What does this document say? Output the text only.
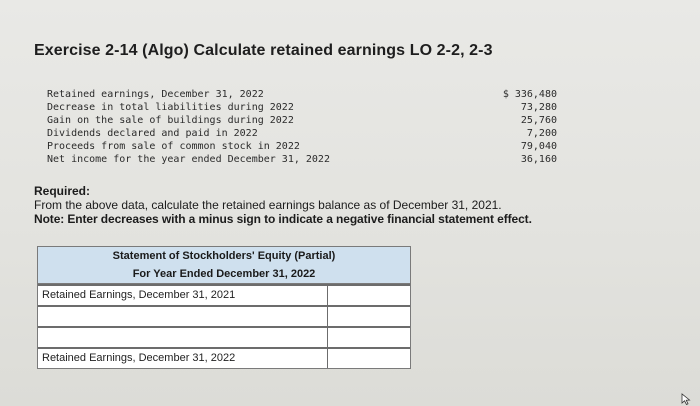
Exercise 2-14 (Algo) Calculate retained earnings LO 2-2, 2-3
Retained earnings, December 31, 2022	$ 336,480
Decrease in total liabilities during 2022	73,280
Gain on the sale of buildings during 2022	25,760
Dividends declared and paid in 2022	7,200
Proceeds from sale of common stock in 2022	79,040
Net income for the year ended December 31, 2022	36,160
Required:
From the above data, calculate the retained earnings balance as of December 31, 2021.
Note: Enter decreases with a minus sign to indicate a negative financial statement effect.
Statement of Stockholders' Equity (Partial)
For Year Ended December 31, 2022
Retained Earnings, December 31, 2021
Retained Earnings, December 31, 2022
